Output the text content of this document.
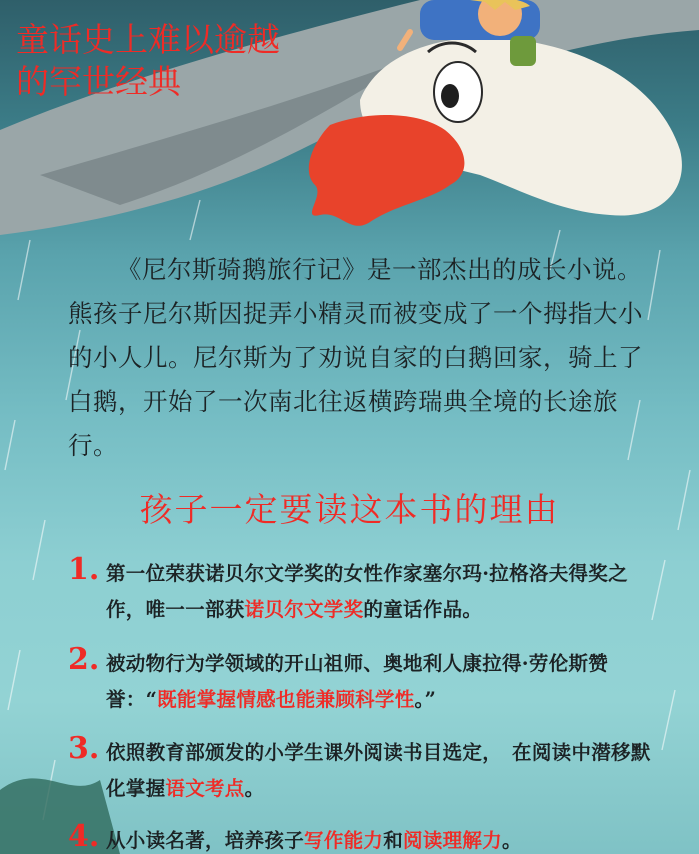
童话史上难以逾越
的罕世经典

《尼尔斯骑鹅旅行记》是一部杰出的成长小说。熊孩子尼尔斯因捉弄小精灵而被变成了一个拇指大小的小人儿。尼尔斯为了劝说自家的白鹅回家，骑上了白鹅，开始了一次南北往返横跨瑞典全境的长途旅行。

孩子一定要读这本书的理由
1. 第一位荣获诺贝尔文学奖的女性作家塞尔玛·拉格洛夫得奖之作，唯一一部获诺贝尔文学奖的童话作品。
2. 被动物行为学领域的开山祖师、奥地利人康拉得·劳伦斯赞誉：“既能掌握情感也能兼顾科学性。”
3. 依照教育部颁发的小学生课外阅读书目选定，　在阅读中潜移默化掌握语文考点。
4. 从小读名著，培养孩子写作能力和阅读理解力。
